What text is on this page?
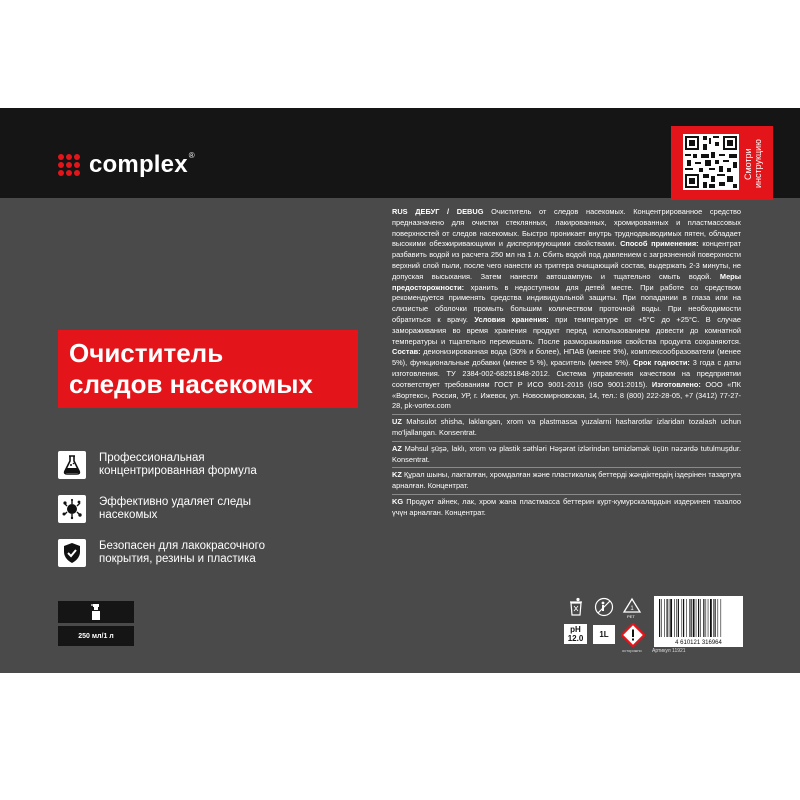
complex ®	Смотри инструкцию
Очиститель
следов насекомых
Профессиональная концентрированная формула
Эффективно удаляет следы насекомых
Безопасен для лакокрасочного покрытия, резины и пластика
250 мл/1 л

RUS ДЕБУГ / DEBUG Очиститель от следов насекомых. Концентрированное средство предназначено для очистки стеклянных, лакированных, хромированных и пластмассовых поверхностей от следов насекомых. Быстро проникает внутрь труднодвыводимых пятен, обладает высокими обезжиривающими и диспергирующими свойствами. Способ применения: концентрат разбавить водой из расчета 250 мл на 1 л. Сбить водой под давлением с загрязненной поверхности верхний слой пыли, после чего нанести из триггера очищающий состав, выдержать 2-3 минуты, не допуская высыхания. Затем нанести автошампунь и тщательно смыть водой. Меры предосторожности: хранить в недоступном для детей месте. При работе со средством рекомендуется применять средства индивидуальной защиты. При попадании в глаза или на слизистые оболочки промыть большим количеством проточной воды. При необходимости обратиться к врачу. Условия хранения: при температуре от +5°С до +25°С. В случае замораживания во время хранения продукт перед использованием довести до комнатной температуры и тщательно перемешать. После размораживания свойства продукта сохраняются. Состав: деионизированная вода (30% и более), НПАВ (менее 5%), комплексообразователи (менее 5%), функциональные добавки (менее 5 %), краситель (менее 5%). Срок годности: 3 года с даты изготовления. ТУ 2384-002-68251848-2012. Система управления качеством на предприятии соответствует требованиям ГОСТ Р ИСО 9001-2015 (ISO 9001:2015). Изготовлено: ООО «ПК «Вортекс», Россия, УР, г. Ижевск, ул. Новосмирновская, 14, тел.: 8 (800) 222-28-05, +7 (3412) 77-27-28, pk-vortex.com

UZ Mahsulot shisha, laklangan, xrom va plastmassa yuzalarni hasharotlar izlaridan tozalash uchun mo'ljallangan. Konsentrat.

AZ Məhsul şüşə, laklı, xrom və plastik səthləri Həşərat izlərindən təmizləmək üçün nəzərdə tutulmuşdur. Konsentrat.

KZ Құрал шыны, лакталған, хромдалған және пластикалық беттерді жәндіктердің іздерінен тазартуға арналған. Концентрат.

KG Продукт айнек, лак, хром жана пластмасса беттерин курт-кумурскалардын издеринен тазалоо үчүн арналган. Концентрат.

1
PET
pH
12.0	1L
осторожно
4 610121 316964
Артикул 11921
